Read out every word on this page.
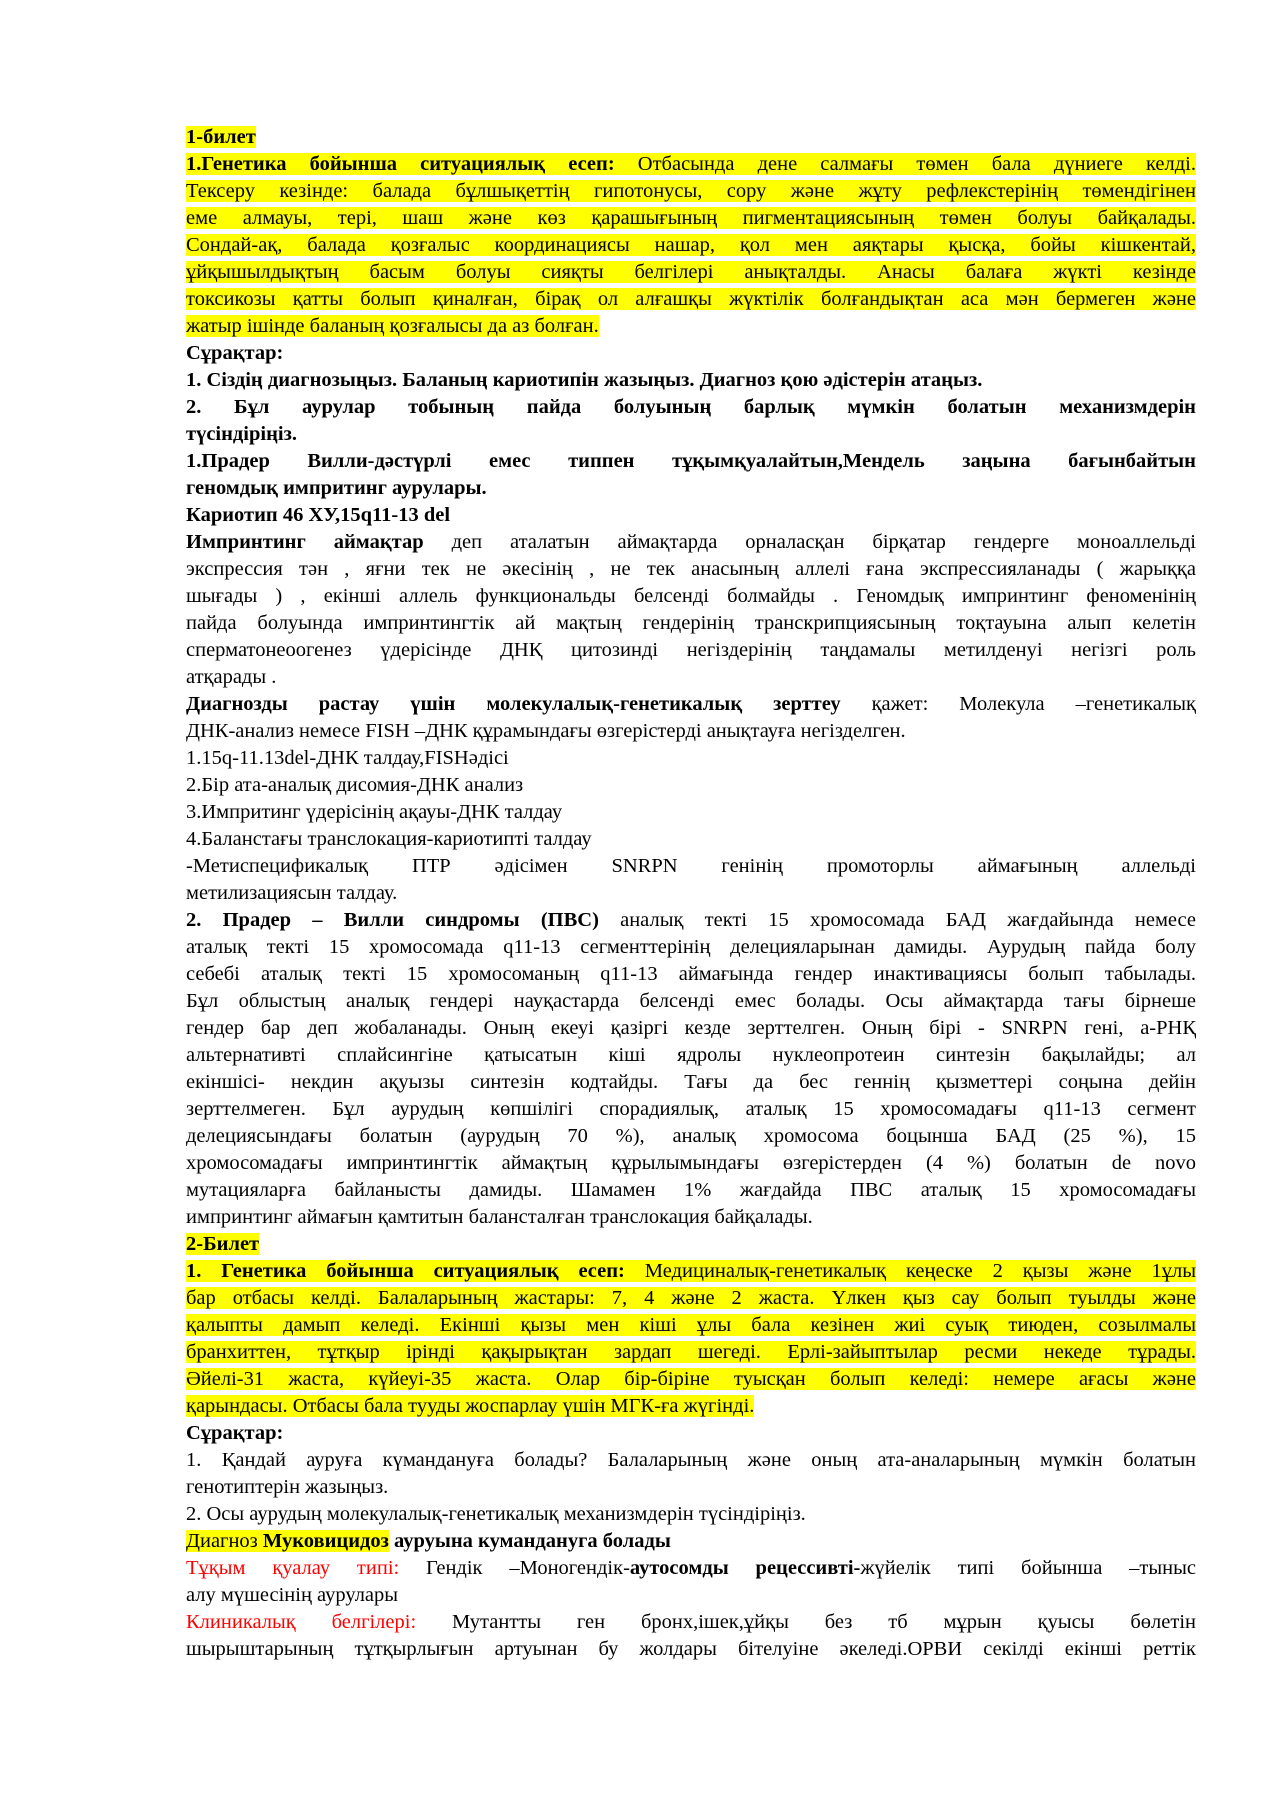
1-билет
1.Генетика бойынша ситуациялық есеп: Отбасында дене салмағы төмен бала дүниеге келді.
Тексеру кезінде: балада бұлшықеттің гипотонусы, сору және жұту рефлекстерінің төмендігінен
еме алмауы, тері, шаш және көз қарашығының пигментациясының төмен болуы байқалады.
Сондай-ақ, балада қозғалыс координациясы нашар, қол мен аяқтары қысқа, бойы кішкентай,
ұйқышылдықтың басым болуы сияқты белгілері анықталды. Анасы балаға жүкті кезінде
токсикозы қатты болып қиналған, бірақ ол алғашқы жүктілік болғандықтан аса мән бермеген және
жатыр ішінде баланың қозғалысы да аз болған.
Сұрақтар:
1. Сіздің диагнозыңыз. Баланың кариотипін жазыңыз. Диагноз қою әдістерін атаңыз.
2. Бұл аурулар тобының пайда болуының барлық мүмкін болатын механизмдерін
түсіндіріңіз.
1.Прадер Вилли-дәстүрлі емес типпен тұқымқуалайтын,Мендель заңына бағынбайтын
геномдық импритинг аурулары.
Кариотип 46 ХУ,15q11-13 del
Импринтинг аймақтар деп аталатын аймақтарда орналасқан бірқатар гендерге моноаллельді
экспрессия тән , яғни тек не әкесінің , не тек анасының аллелі ғана экспрессияланады ( жарыққа
шығады ) , екінші аллель функциональды белсенді болмайды . Геномдық импринтинг феноменінің
пайда болуында импринтингтік ай мақтың гендерінің транскрипциясының тоқтауына алып келетін
сперматонеоогенез үдерісінде ДНҚ цитозинді негіздерінің таңдамалы метилденуі негізгі роль
атқарады .
Диагнозды растау үшін молекулалық-генетикалық зерттеу қажет: Молекула –генетикалық
ДНК-анализ немесе FISH –ДНК құрамындағы өзгерістерді анықтауға негізделген.
1.15q-11.13del-ДНК талдау,FISHәдісі
2.Бір ата-аналық дисомия-ДНК анализ
3.Импритинг үдерісінің ақауы-ДНК талдау
4.Баланстағы транслокация-кариотипті талдау
-Метиспецификалық ПТР әдісімен SNRPN генінің промоторлы аймағының аллельді
метилизациясын талдау.
2. Прадер – Вилли синдромы (ПВС) аналық текті 15 хромосомада БАД жағдайында немесе
аталық текті 15 хромосомада q11-13 сегменттерінің делецияларынан дамиды. Аурудың пайда болу
себебі аталық текті 15 хромосоманың q11-13 аймағында гендер инактивациясы болып табылады.
Бұл облыстың аналық гендері науқастарда белсенді емес болады. Осы аймақтарда тағы бірнеше
гендер бар деп жобаланады. Оның екеуі қазіргі кезде зерттелген. Оның бірі - SNRPN гені, а-РНҚ
альтернативті сплайсингіне қатысатын кіші ядролы нуклеопротеин синтезін бақылайды; ал
екіншісі- некдин ақуызы синтезін кодтайды. Тағы да бес геннің қызметтері соңына дейін
зерттелмеген. Бұл аурудың көпшілігі спорадиялық, аталық 15 хромосомадағы q11-13 сегмент
делециясындағы болатын (аурудың 70 %), аналық хромосома боцынша БАД (25 %), 15
хромосомадағы импринтингтік аймақтың құрылымындағы өзгерістерден (4 %) болатын de novo
мутацияларға байланысты дамиды. Шамамен 1% жағдайда ПВС аталық 15 хромосомадағы
импринтинг аймағын қамтитын балансталған транслокация байқалады.
2-Билет
1. Генетика бойынша ситуациялық есеп: Медициналық-генетикалық кеңеске 2 қызы және 1ұлы
бар отбасы келді. Балаларының жастары: 7, 4 және 2 жаста. Үлкен қыз сау болып туылды және
қалыпты дамып келеді. Екінші қызы мен кіші ұлы бала кезінен жиі суық тиюден, созылмалы
бранхиттен, тұтқыр ірінді қақырықтан зардап шегеді. Ерлі-зайыптылар ресми некеде тұрады.
Әйелі-31 жаста, күйеуі-35 жаста. Олар бір-біріне туысқан болып келеді: немере ағасы және
қарындасы. Отбасы бала тууды жоспарлау үшін МГК-ға жүгінді.
Сұрақтар:
1. Қандай ауруға күмандануға болады? Балаларының және оның ата-аналарының мүмкін болатын
генотиптерін жазыңыз.
2. Осы аурудың молекулалық-генетикалық механизмдерін түсіндіріңіз.
Диагноз Муковицидоз ауруына куманданугa болады
Тұқым қуалау типі: Гендік –Моногендік-аутосомды рецессивті-жүйелік типі бойынша –тыныс
алу мүшесінің аурулары
Клиникалық белгілері: Мутантты ген бронх,ішек,ұйқы без тб мұрын қуысы бөлетін
шырыштарының тұтқырлығын артуынан бу жолдары бітелуіне әкеледі.ОРВИ секілді екінші реттік
